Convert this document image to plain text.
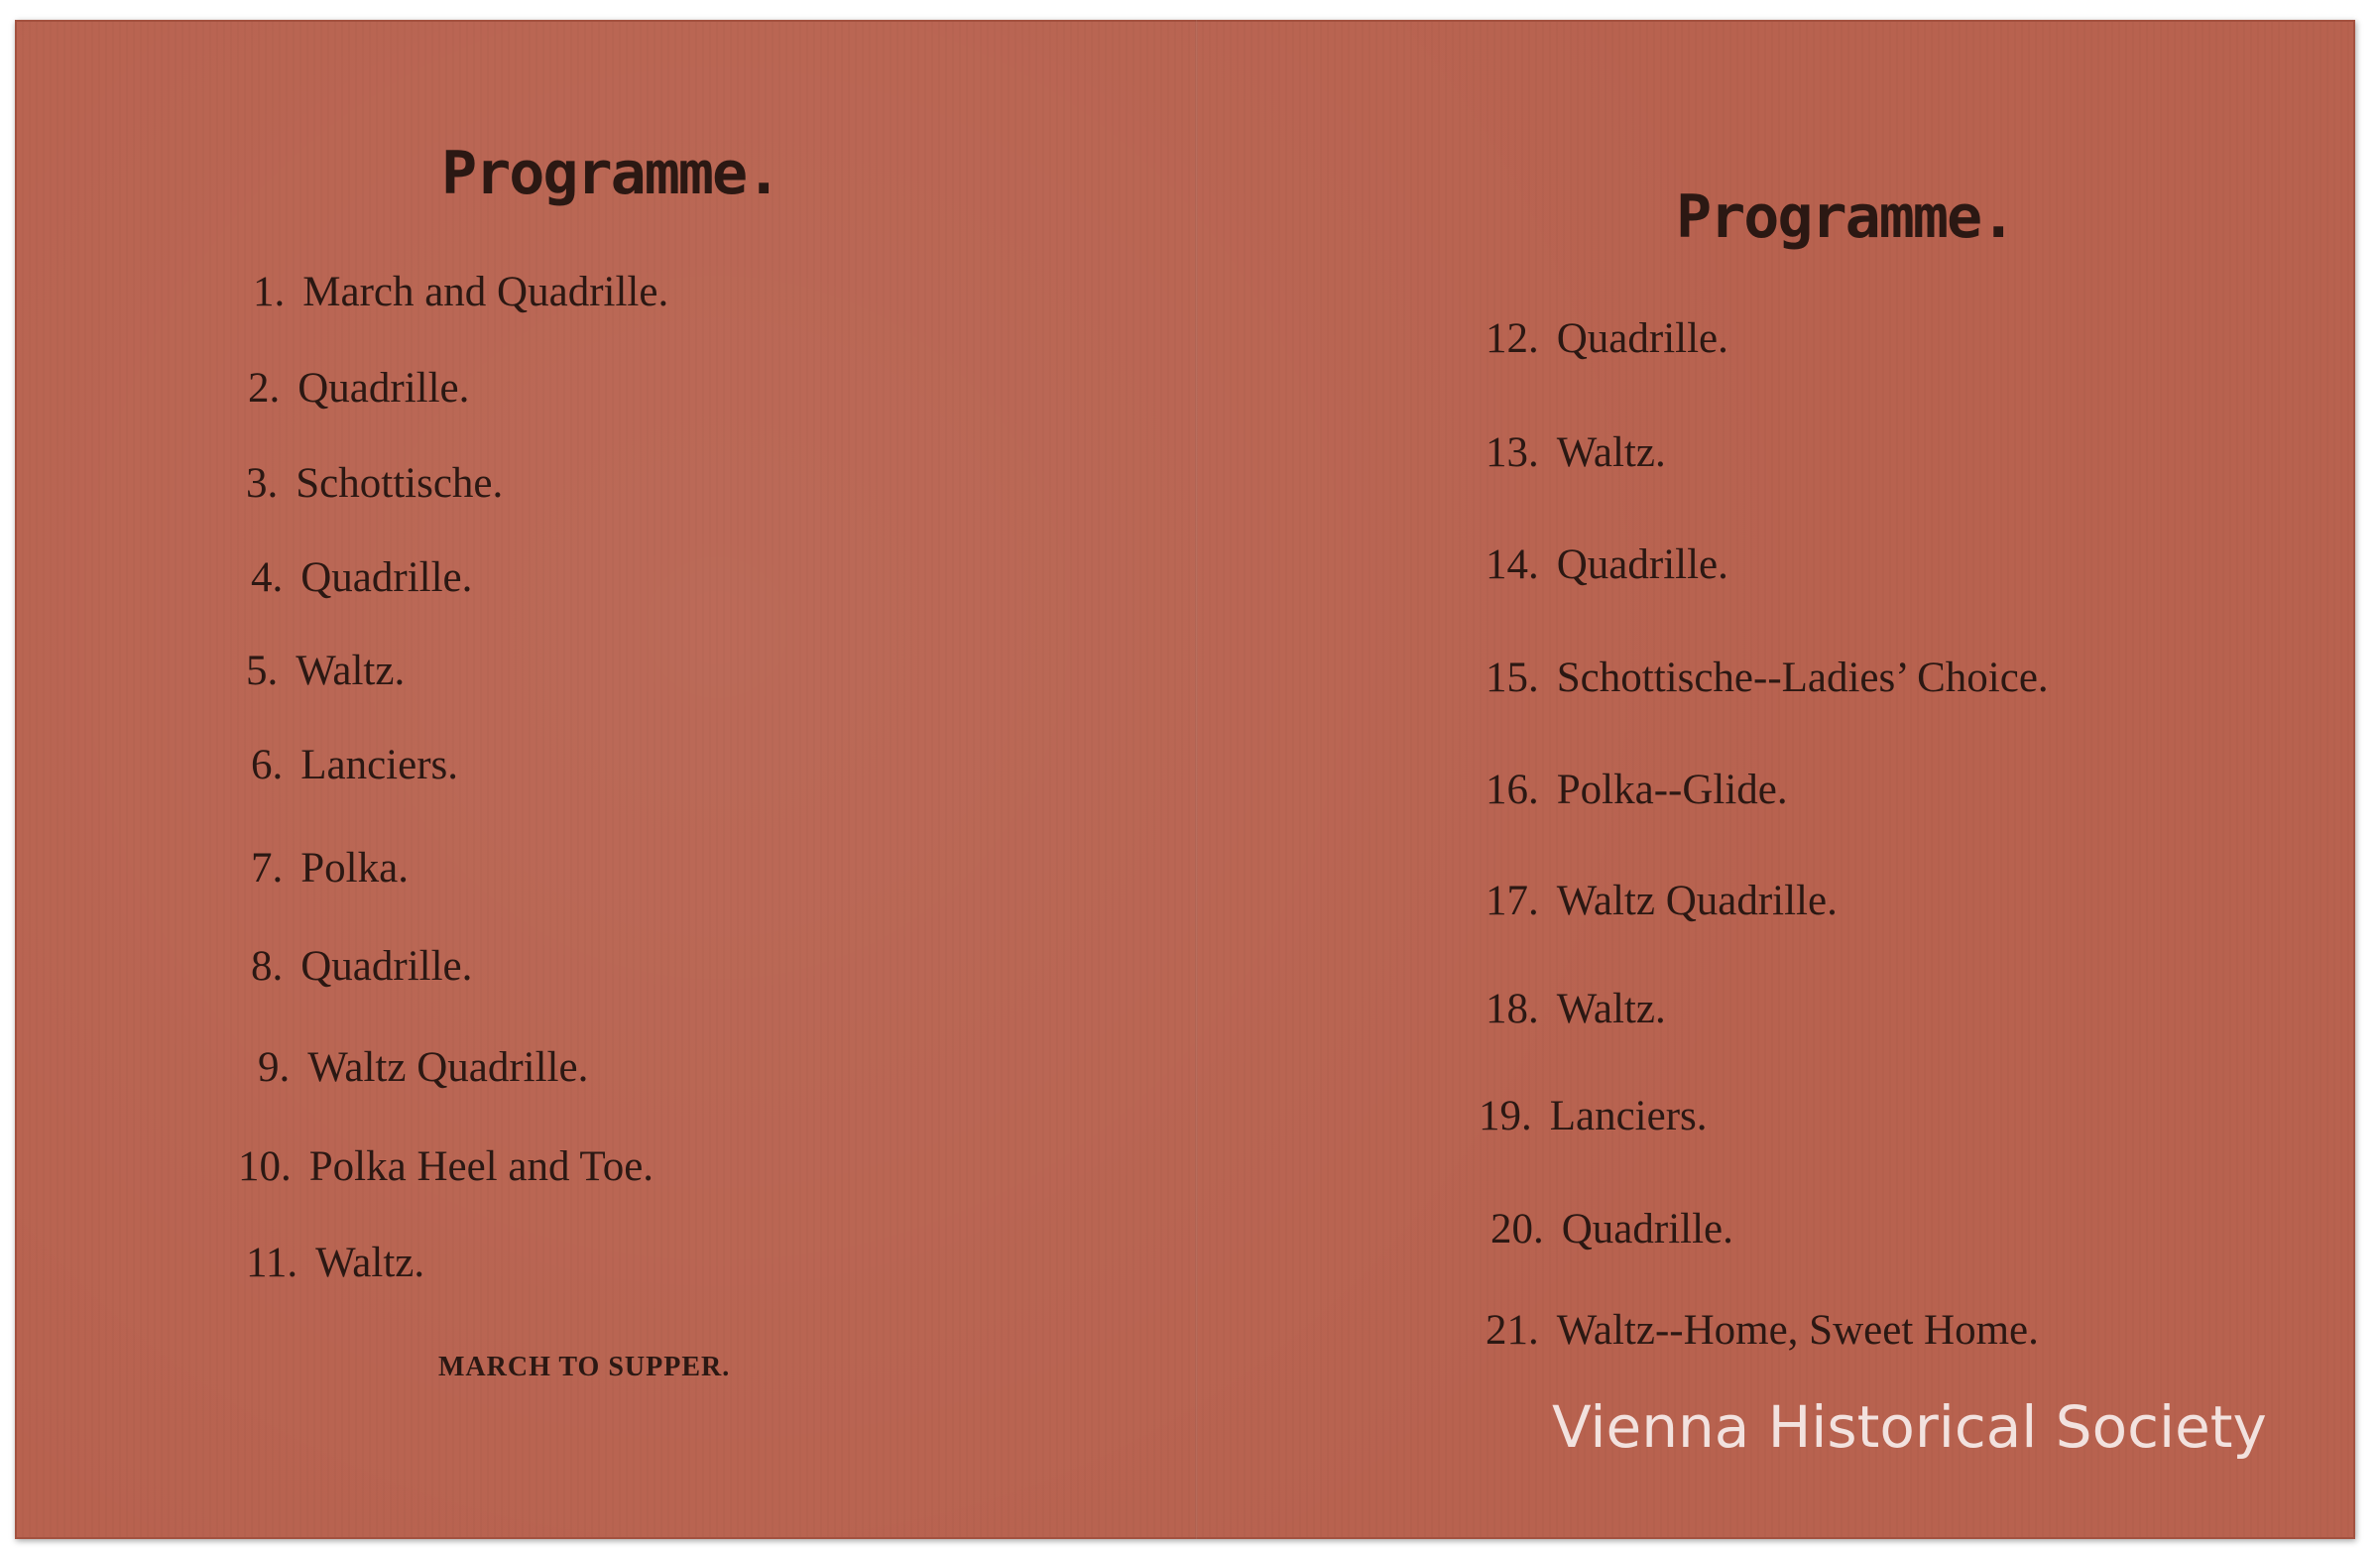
Programme.

1. March and Quadrille.

2. Quadrille.

3. Schottische.

4. Quadrille.

5. Waltz.

6. Lanciers.

7. Polka.

8. Quadrille.

9. Waltz Quadrille.

10. Polka Heel and Toe.

11. Waltz.

MARCH TO SUPPER.

Programme.

12. Quadrille.

13. Waltz.

14. Quadrille.

15. Schottische--Ladies’ Choice.

16. Polka--Glide.

17. Waltz Quadrille.

18. Waltz.

19. Lanciers.

20. Quadrille.

21. Waltz--Home, Sweet Home.

Vienna Historical Society
